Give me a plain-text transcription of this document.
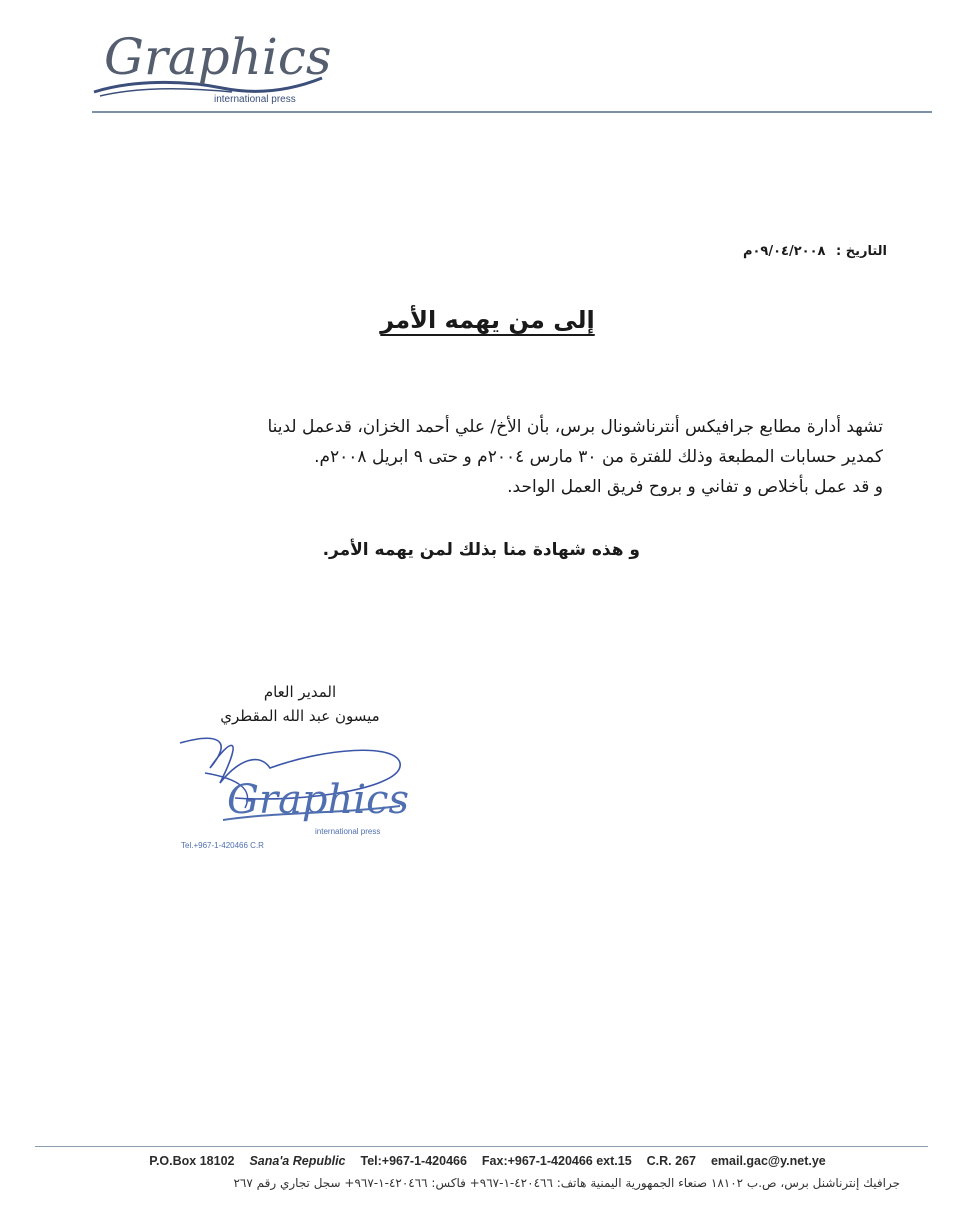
Graphics
international press
التاريخ : ٠٩/٠٤/٢٠٠٨م
إلى من يهمه الأمر

تشهد أدارة مطابع جرافيكس أنترناشونال برس، بأن الأخ/ علي أحمد الخزان، قدعمل لدينا

كمدير حسابات المطبعة وذلك للفترة من ٣٠ مارس ٢٠٠٤م و حتى ٩ ابريل ٢٠٠٨م.

و قد عمل بأخلاص و تفاني و بروح فريق العمل الواحد.

و هذه شهادة منا بذلك لمن يهمه الأمر.

المدير العام

ميسون عبد الله المقطري

Graphics
international press
Tel.+967-1-420466 C.R
P.O.Box 18102 Sana'a Republic Tel:+967-1-420466 Fax:+967-1-420466 ext.15 C.R. 267 email.gac@y.net.ye
جرافيك إنترناشنل برس، ص.ب ١٨١٠٢ صنعاء الجمهورية اليمنية هاتف: ٤٢٠٤٦٦-١-٩٦٧+ فاكس: ٤٢٠٤٦٦-١-٩٦٧+ سجل تجاري رقم ٢٦٧
